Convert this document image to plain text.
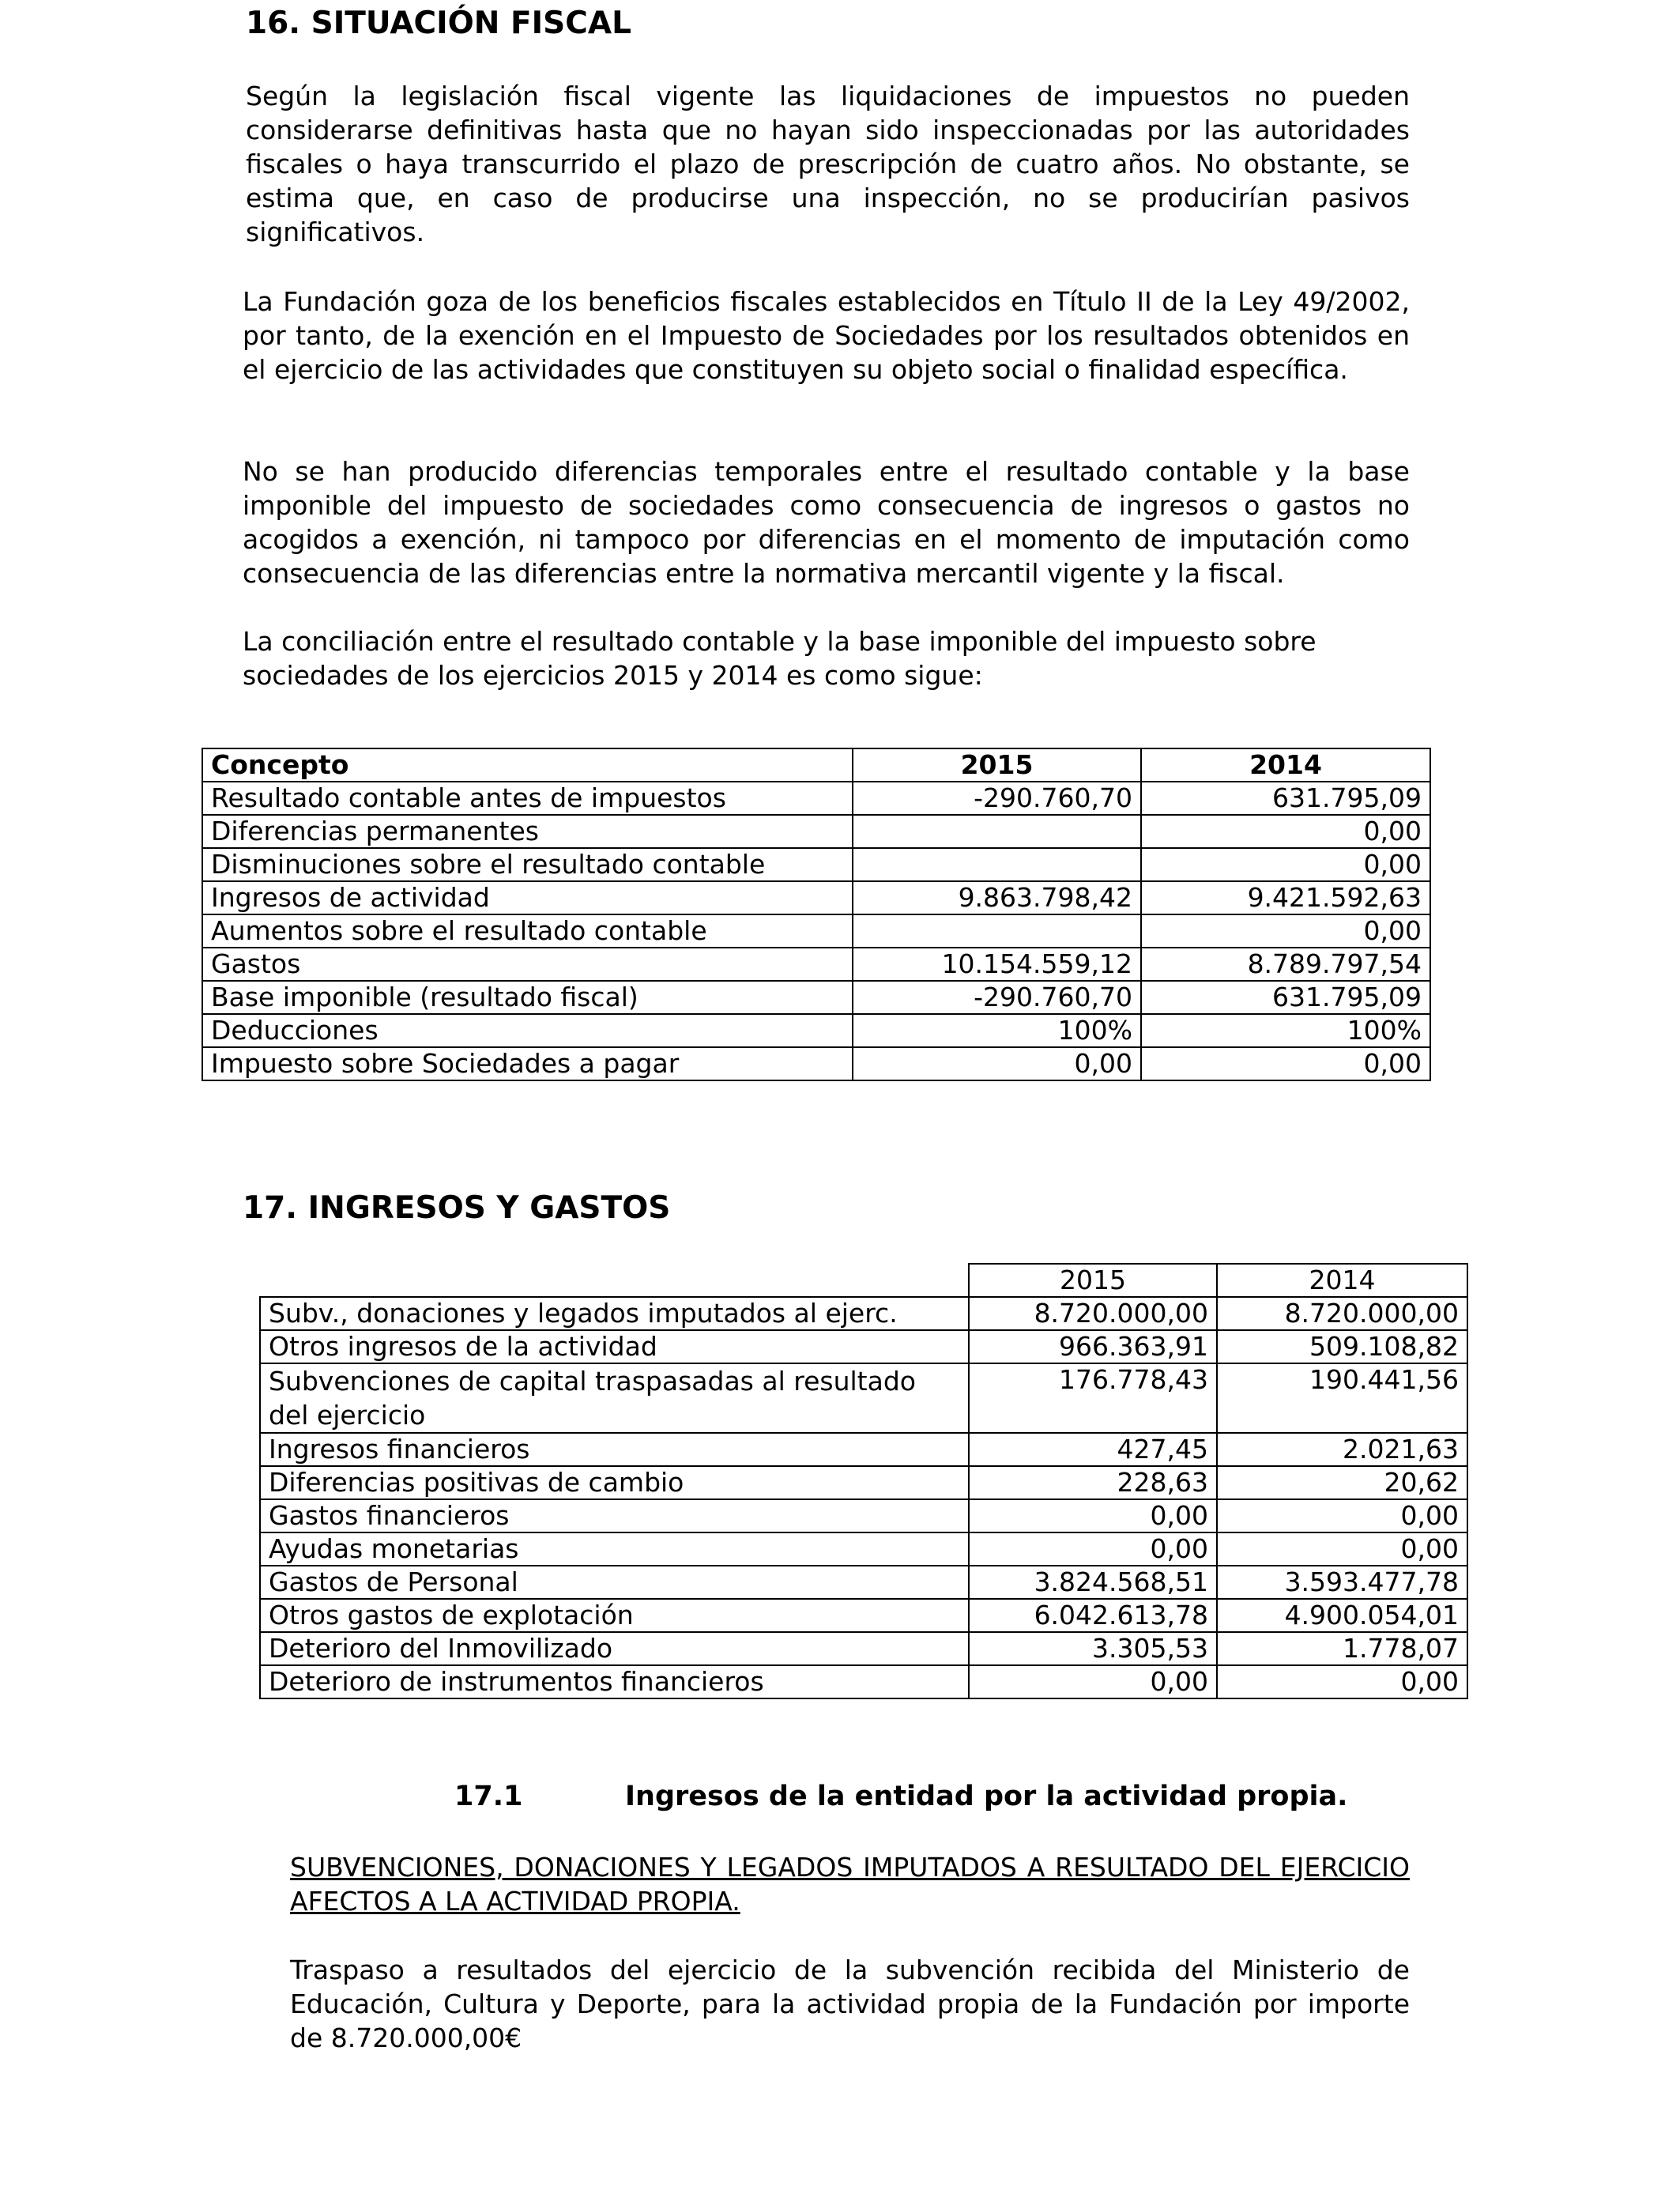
16. SITUACIÓN FISCAL

Según la legislación fiscal vigente las liquidaciones de impuestos no pueden considerarse definitivas hasta que no hayan sido inspeccionadas por las autoridades fiscales o haya transcurrido el plazo de prescripción de cuatro años. No obstante, se estima que, en caso de producirse una inspección, no se producirían pasivos significativos.

La Fundación goza de los beneficios fiscales establecidos en Título II de la Ley 49/2002, por tanto, de la exención en el Impuesto de Sociedades por los resultados obtenidos en el ejercicio de las actividades que constituyen su objeto social o finalidad específica.

No se han producido diferencias temporales entre el resultado contable y la base imponible del impuesto de sociedades como consecuencia de ingresos o gastos no acogidos a exención, ni tampoco por diferencias en el momento de imputación como consecuencia de las diferencias entre la normativa mercantil vigente y la fiscal.

La conciliación entre el resultado contable y la base imponible del impuesto sobre sociedades de los ejercicios 2015 y 2014 es como sigue:

Concepto	2015	2014
Resultado contable antes de impuestos	-290.760,70	631.795,09
Diferencias permanentes		0,00
Disminuciones sobre el resultado contable		0,00
Ingresos de actividad	9.863.798,42	9.421.592,63
Aumentos sobre el resultado contable		0,00
Gastos	10.154.559,12	8.789.797,54
Base imponible (resultado fiscal)	-290.760,70	631.795,09
Deducciones	100%	100%
Impuesto sobre Sociedades a pagar	0,00	0,00
17. INGRESOS Y GASTOS
	2015	2014
Subv., donaciones y legados imputados al ejerc.	8.720.000,00	8.720.000,00
Otros ingresos de la actividad	966.363,91	509.108,82
Subvenciones de capital traspasadas al resultado del ejercicio	176.778,43	190.441,56
Ingresos financieros	427,45	2.021,63
Diferencias positivas de cambio	228,63	20,62
Gastos financieros	0,00	0,00
Ayudas monetarias	0,00	0,00
Gastos de Personal	3.824.568,51	3.593.477,78
Otros gastos de explotación	6.042.613,78	4.900.054,01
Deterioro del Inmovilizado	3.305,53	1.778,07
Deterioro de instrumentos financieros	0,00	0,00
17.1	Ingresos de la entidad por la actividad propia.

SUBVENCIONES, DONACIONES Y LEGADOS IMPUTADOS A RESULTADO DEL EJERCICIO AFECTOS A LA ACTIVIDAD PROPIA.

Traspaso a resultados del ejercicio de la subvención recibida del Ministerio de Educación, Cultura y Deporte, para la actividad propia de la Fundación por importe de 8.720.000,00€
